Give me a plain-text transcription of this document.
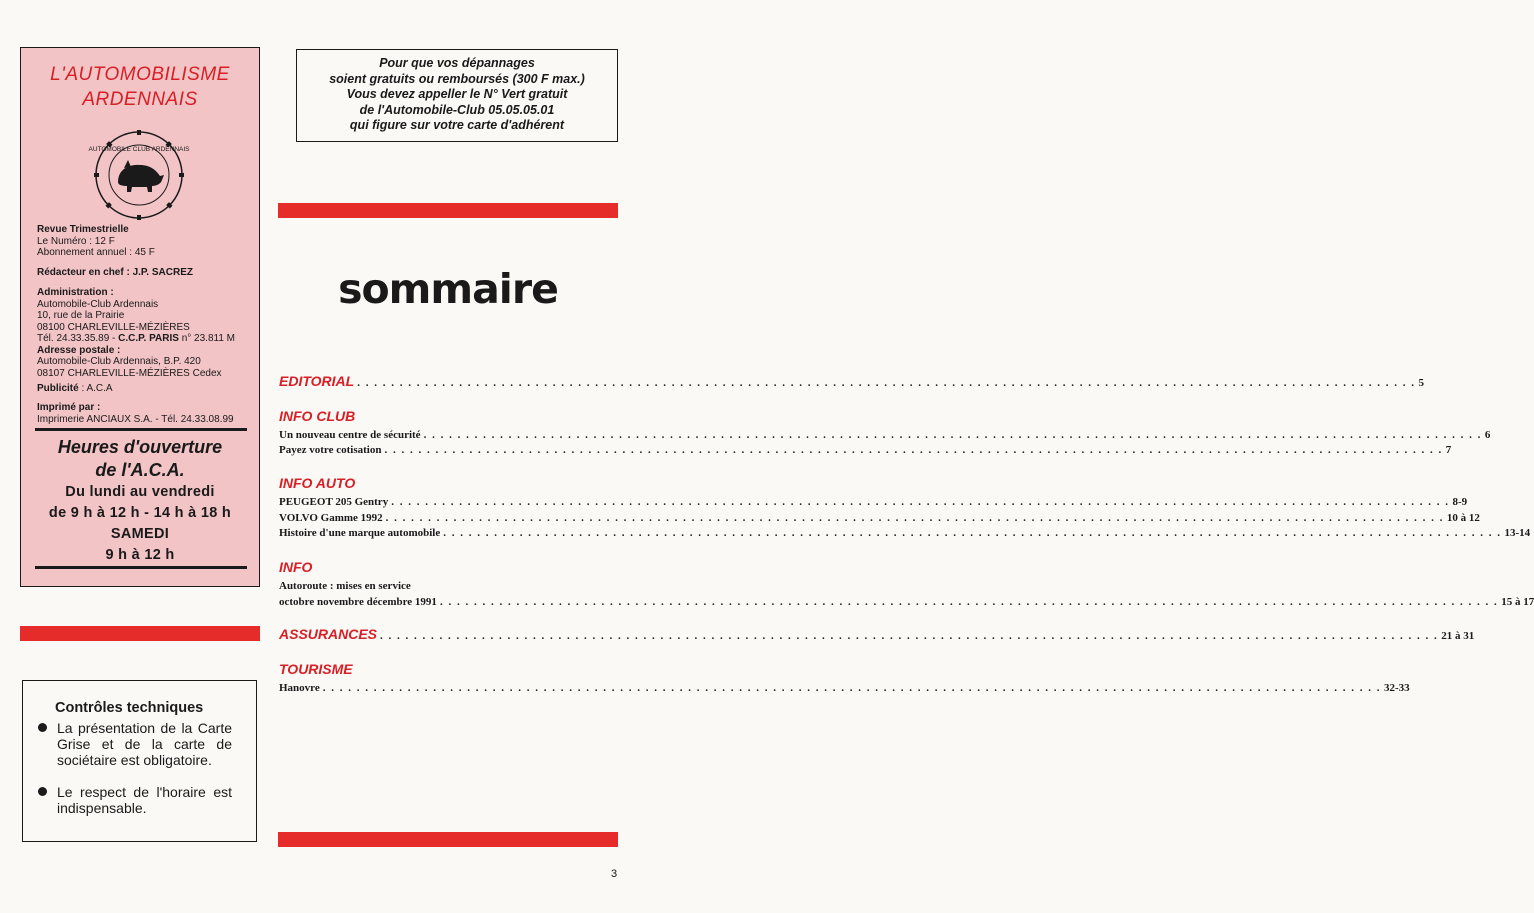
L'AUTOMOBILISME
ARDENNAIS
AUTOMOBILE CLUB ARDENNAIS
Revue Trimestrielle
Le Numéro : 12 F
Abonnement annuel : 45 F
Rédacteur en chef : J.P. SACREZ
Administration :
Automobile-Club Ardennais
10, rue de la Prairie
08100 CHARLEVILLE-MÉZIÈRES
Tél. 24.33.35.89 - C.C.P. PARIS n° 23.811 M
Adresse postale :
Automobile-Club Ardennais, B.P. 420
08107 CHARLEVILLE-MÉZIÈRES Cedex
Publicité : A.C.A
Imprimé par :
Imprimerie ANCIAUX S.A. - Tél. 24.33.08.99
Heures d'ouverture
de l'A.C.A.
Du lundi au vendredi
de 9 h à 12 h - 14 h à 18 h
SAMEDI
9 h à 12 h
Contrôles techniques
La présentation de la Carte Grise et de la carte de sociétaire est obligatoire.
Le respect de l'horaire est indispensable.
Pour que vos dépannages
soient gratuits ou remboursés (300 F max.)
Vous devez appeller le N° Vert gratuit
de l'Automobile-Club 05.05.05.01
qui figure sur votre carte d'adhérent
sommaire
EDITORIAL . . .	5
INFO CLUB
Un nouveau centre de sécurité . . .	6
Payez votre cotisation . . .	7
INFO AUTO
PEUGEOT 205 Gentry . . .	8-9
VOLVO Gamme 1992 . . .	10 à 12
Histoire d'une marque automobile . . .	13-14
INFO
Autoroute : mises en service
octobre novembre décembre 1991 . . .	15 à 17
ASSURANCES . . .	21 à 31
TOURISME
Hanovre . . .	32-33
3
